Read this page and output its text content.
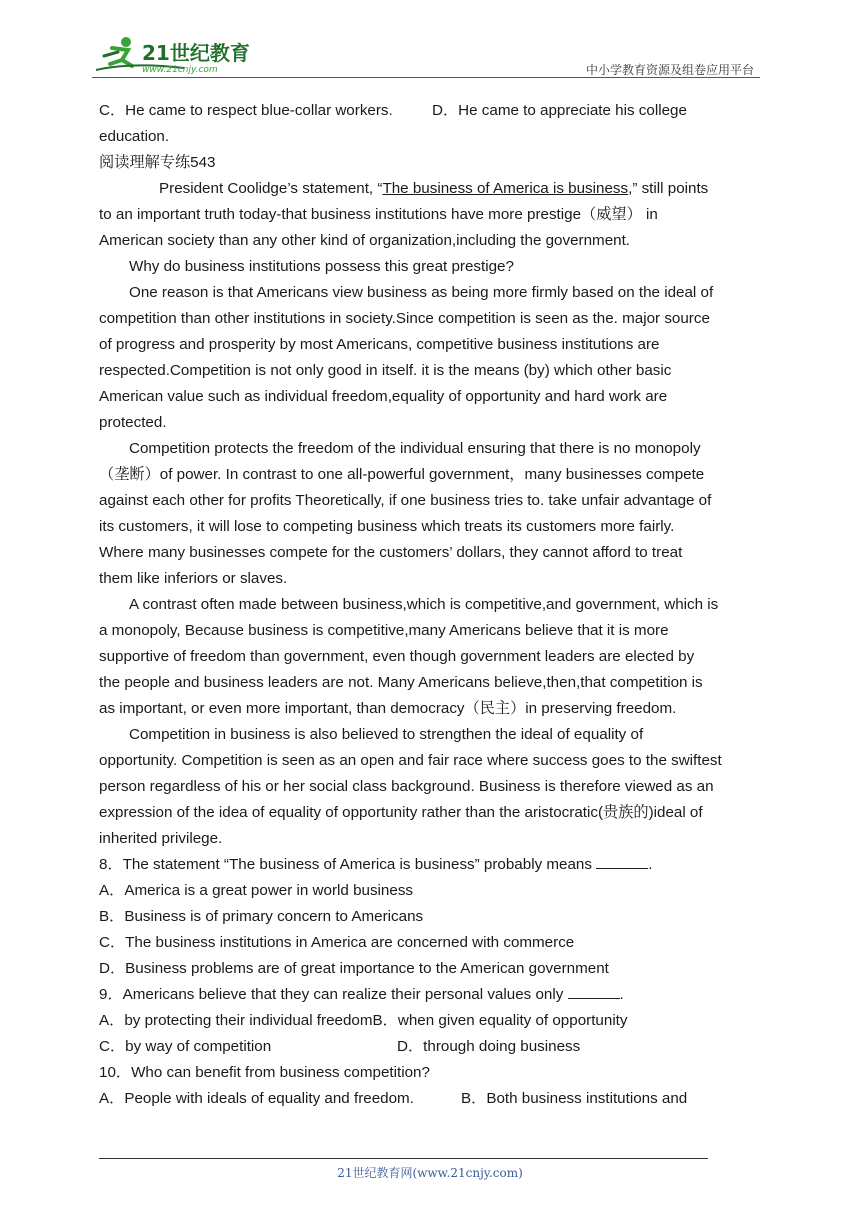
21世纪教育
www.21cnjy.com	中小学教育资源及组卷应用平台
C．He came to respect blue-collar workers.	D．He came to appreciate his college
education.
阅读理解专练543
President Coolidge’s statement, “The business of America is business,” still points
to an important truth today-that business institutions have more prestige（威望） in
American society than any other kind of organization,including the government.
Why do business institutions possess this great prestige?
One reason is that Americans view business as being more firmly based on the ideal of
competition than other institutions in society.Since competition is seen as the. major source
of progress and prosperity by most Americans, competitive business institutions are
respected.Competition is not only good in itself. it is the means (by) which other basic
American value such as individual freedom,equality of opportunity and hard work are
protected.
Competition protects the freedom of the individual ensuring that there is no monopoly
（垄断）of power. In contrast to one all-powerful government，many businesses compete
against each other for profits Theoretically, if one business tries to. take unfair advantage of
its customers, it will lose to competing business which treats its customers more fairly.
Where many businesses compete for the customers’ dollars, they cannot afford to treat
them like inferiors or slaves.
A contrast often made between business,which is competitive,and government, which is
a monopoly, Because business is competitive,many Americans believe that it is more
supportive of freedom than government, even though government leaders are elected by
the people and business leaders are not. Many Americans believe,then,that competition is
as important, or even more important, than democracy（民主）in preserving freedom.
Competition in business is also believed to strengthen the ideal of equality of
opportunity. Competition is seen as an open and fair race where success goes to the swiftest
person regardless of his or her social class background. Business is therefore viewed as an
expression of the idea of equality of opportunity rather than the aristocratic(贵族的)ideal of
inherited privilege.
8．The statement “The business of America is business” probably means	.
A．America is a great power in world business
B．Business is of primary concern to Americans
C．The business institutions in America are concerned with commerce
D．Business problems are of great importance to the American government
9．Americans believe that they can realize their personal values only	.
A．by protecting their individual freedomB．when given equality of opportunity
C．by way of competition	D．through doing business
10．Who can benefit from business competition?
A．People with ideals of equality and freedom.	B．Both business institutions and
21世纪教育网(www.21cnjy.com)
